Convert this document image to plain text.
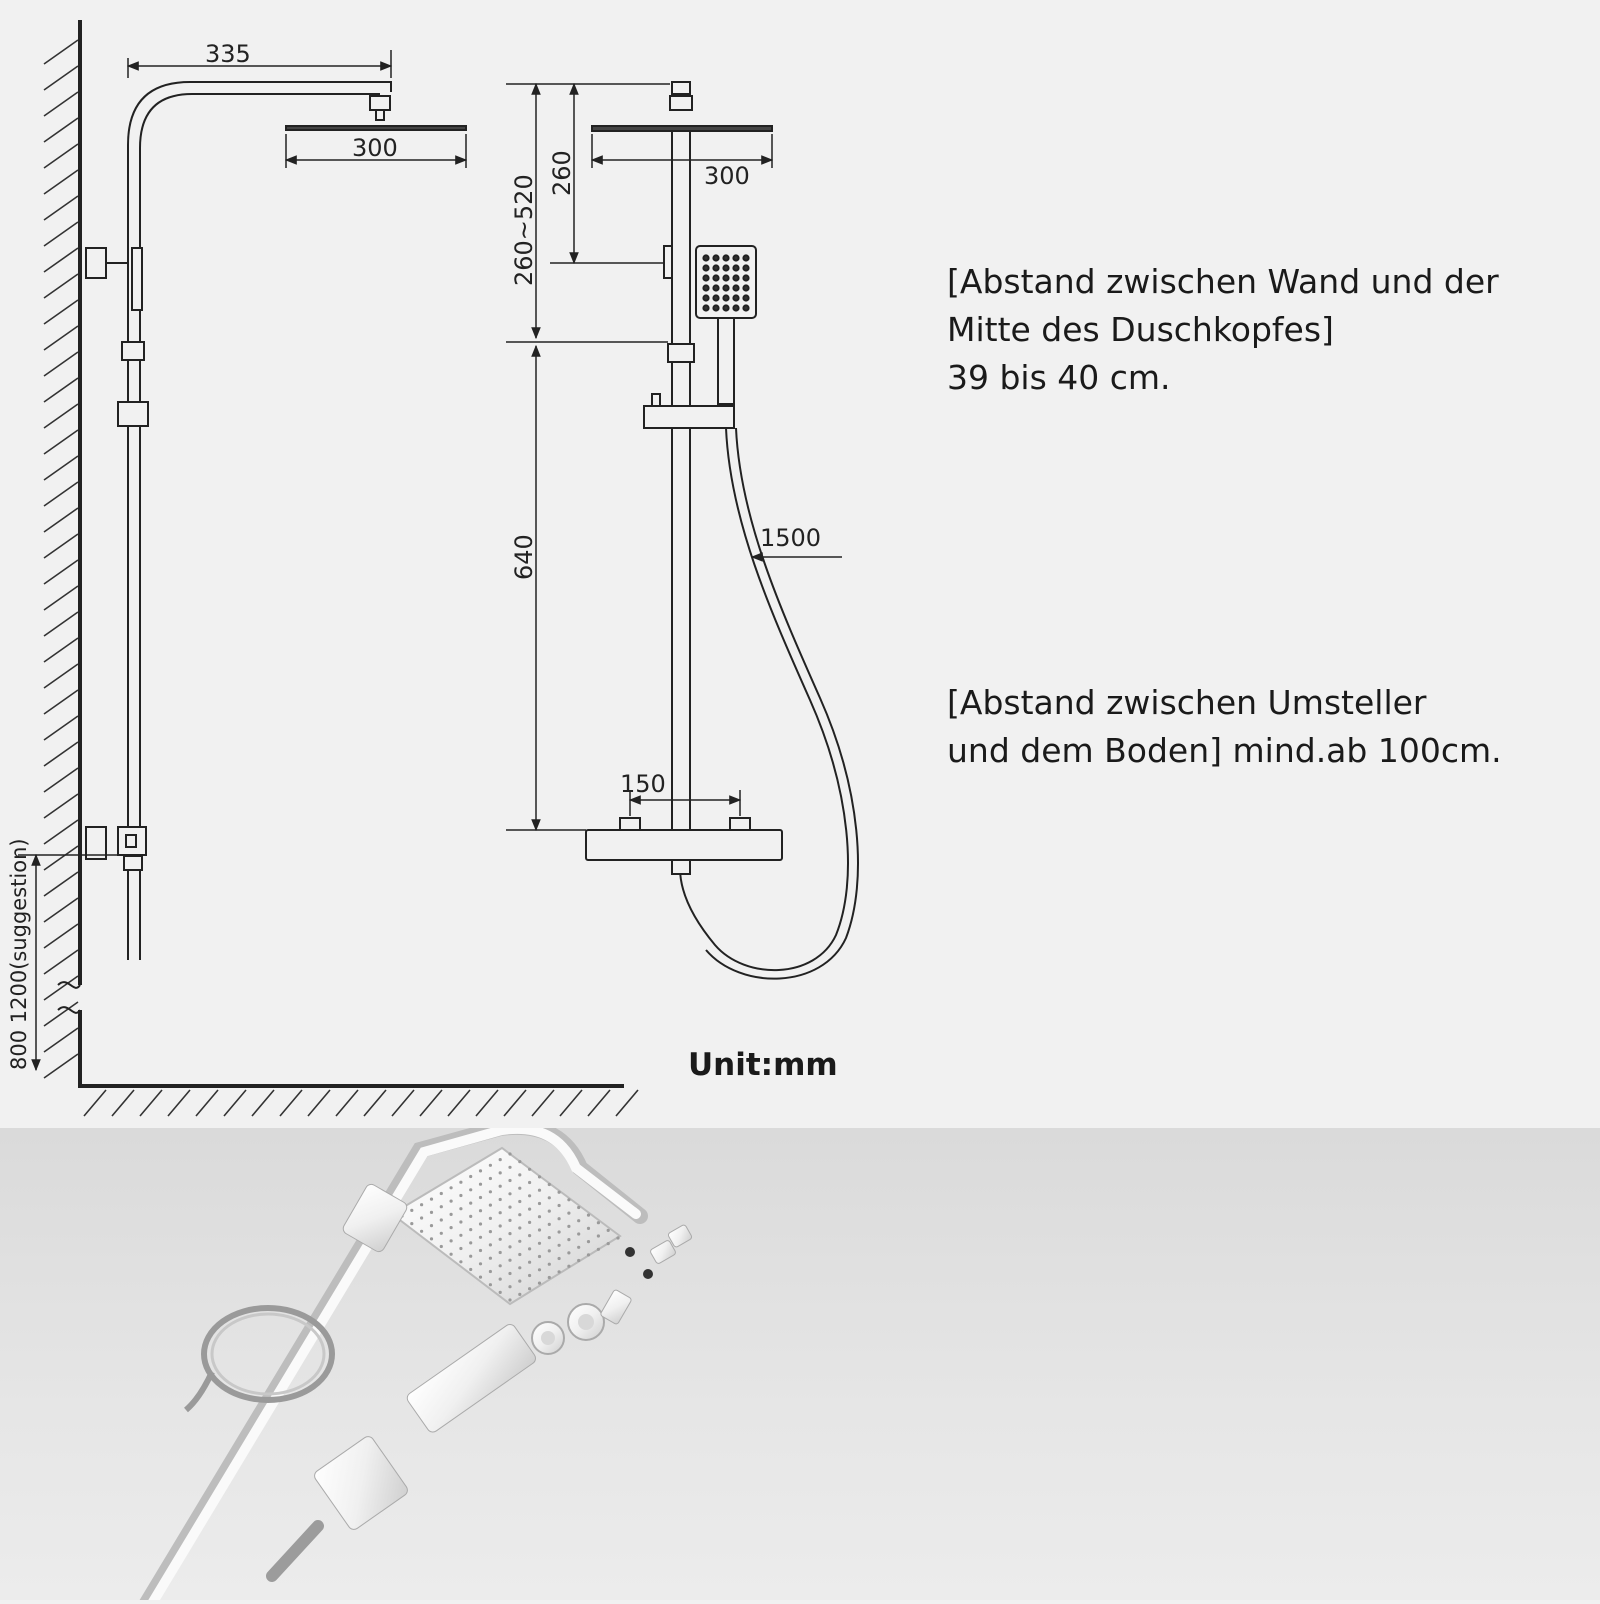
335
300
300
260
260~520
640	1500
150
800 1200(suggestion)
[Abstand zwischen Wand und der
Mitte des Duschkopfes]
39 bis 40 cm.
[Abstand zwischen Umsteller
und dem Boden] mind.ab 100cm.
Unit:mm
